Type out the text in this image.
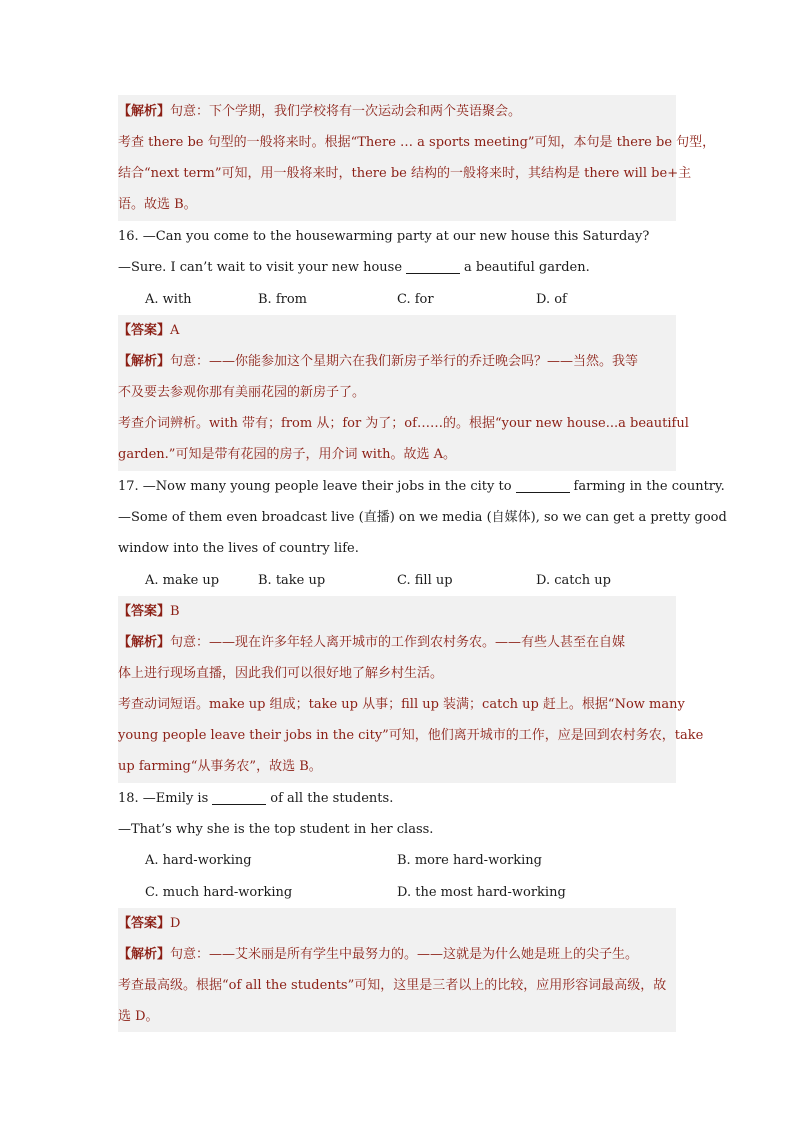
【解析】句意：下个学期，我们学校将有一次运动会和两个英语聚会。
考查 there be 句型的一般将来时。根据“There … a sports meeting”可知，本句是 there be 句型，
结合“next term”可知，用一般将来时，there be 结构的一般将来时，其结构是 there will be+主
语。故选 B。
16. —Can you come to the housewarming party at our new house this Saturday?
—Sure. I can’t wait to visit your new house	a beautiful garden.
A. with	B. from	C. for	D. of
【答案】A
【解析】句意：——你能参加这个星期六在我们新房子举行的乔迁晚会吗？——当然。我等
不及要去参观你那有美丽花园的新房子了。
考查介词辨析。with 带有；from 从；for 为了；of……的。根据“your new house...a beautiful
garden.”可知是带有花园的房子，用介词 with。故选 A。
17. —Now many young people leave their jobs in the city to	farming in the country.
—Some of them even broadcast live (直播) on we media (自媒体), so we can get a pretty good
window into the lives of country life.
A. make up	B. take up	C. fill up	D. catch up
【答案】B
【解析】句意：——现在许多年轻人离开城市的工作到农村务农。——有些人甚至在自媒
体上进行现场直播，因此我们可以很好地了解乡村生活。
考查动词短语。make up 组成；take up 从事；fill up 装满；catch up 赶上。根据“Now many
young people leave their jobs in the city”可知，他们离开城市的工作，应是回到农村务农，take
up farming“从事务农”，故选 B。
18. —Emily is	of all the students.
—That’s why she is the top student in her class.
A. hard-working	B. more hard-working
C. much hard-working	D. the most hard-working
【答案】D
【解析】句意：——艾米丽是所有学生中最努力的。——这就是为什么她是班上的尖子生。
考查最高级。根据“of all the students”可知，这里是三者以上的比较，应用形容词最高级，故
选 D。
